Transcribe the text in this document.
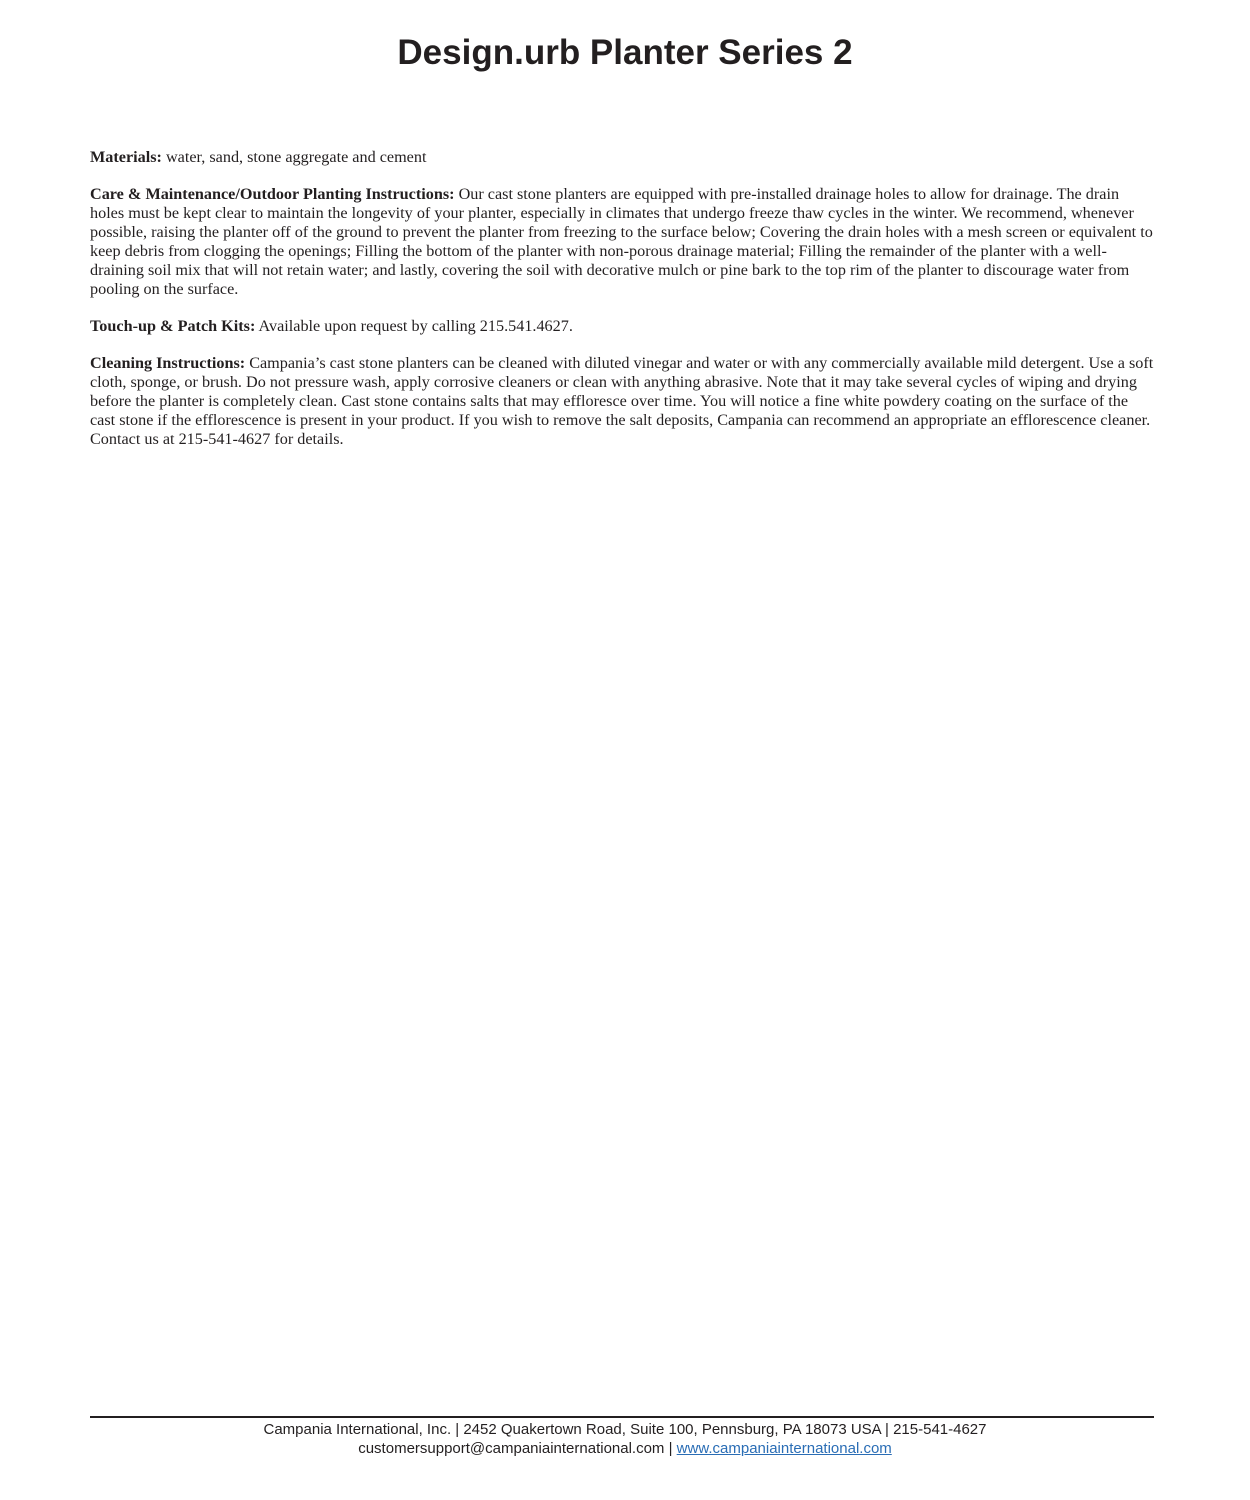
Design.urb Planter Series 2

Materials: water, sand, stone aggregate and cement

Care & Maintenance/Outdoor Planting Instructions: Our cast stone planters are equipped with pre-installed drainage holes to allow for drainage. The drain holes must be kept clear to maintain the longevity of your planter, especially in climates that undergo freeze thaw cycles in the winter. We recommend, whenever possible, raising the planter off of the ground to prevent the planter from freezing to the surface below; Covering the drain holes with a mesh screen or equivalent to keep debris from clogging the openings; Filling the bottom of the planter with non-porous drainage material; Filling the remainder of the planter with a well-draining soil mix that will not retain water; and lastly, covering the soil with decorative mulch or pine bark to the top rim of the planter to discourage water from pooling on the surface.

Touch-up & Patch Kits: Available upon request by calling 215.541.4627.

Cleaning Instructions: Campania’s cast stone planters can be cleaned with diluted vinegar and water or with any commercially available mild detergent. Use a soft cloth, sponge, or brush. Do not pressure wash, apply corrosive cleaners or clean with anything abrasive. Note that it may take several cycles of wiping and drying before the planter is completely clean. Cast stone contains salts that may effloresce over time. You will notice a fine white powdery coating on the surface of the cast stone if the efflorescence is present in your product. If you wish to remove the salt deposits, Campania can recommend an appropriate an efflorescence cleaner. Contact us at 215-541-4627 for details.

Campania International, Inc. | 2452 Quakertown Road, Suite 100, Pennsburg, PA 18073 USA | 215-541-4627
customersupport@campaniainternational.com | www.campaniainternational.com
